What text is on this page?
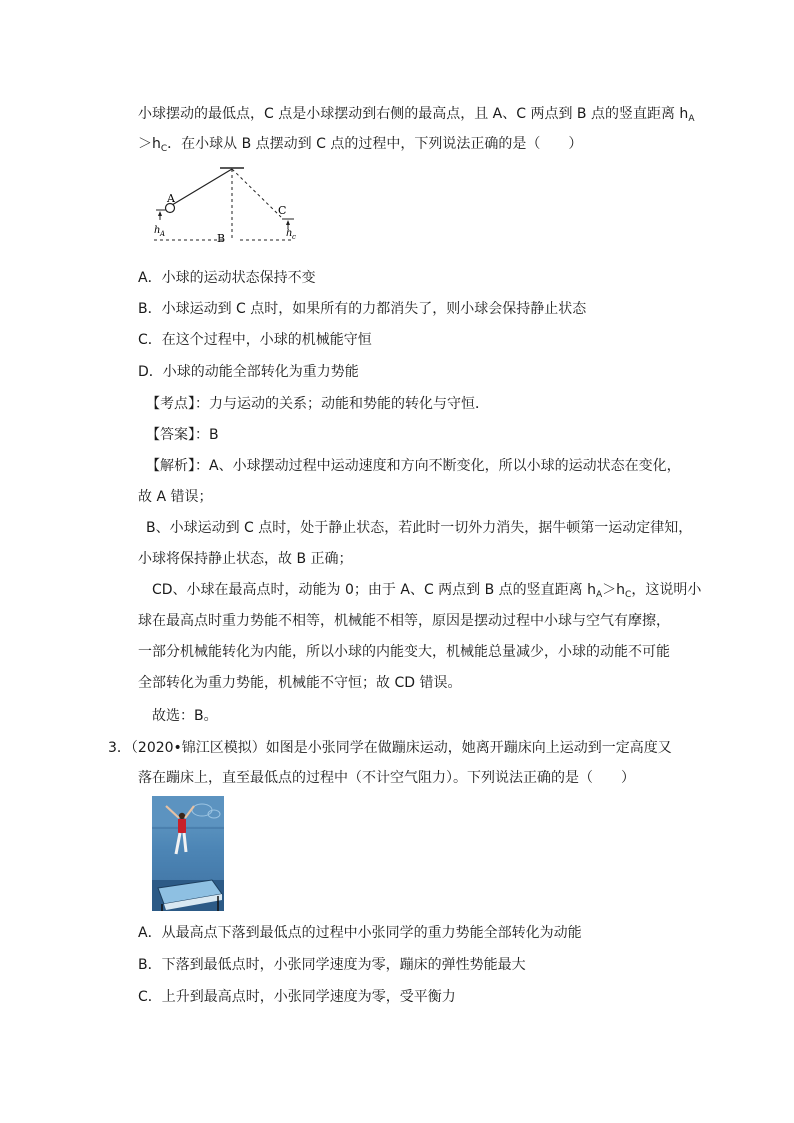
小球摆动的最低点，C 点是小球摆动到右侧的最高点，且 A、C 两点到 B 点的竖直距离 $h_A$
$>h_C$．在小球从 B 点摆动到 C 点的过程中，下列说法正确的是（　　）
A
B
C
h A	h c
A．小球的运动状态保持不变
B．小球运动到 C 点时，如果所有的力都消失了，则小球会保持静止状态
C．在这个过程中，小球的机械能守恒
D．小球的动能全部转化为重力势能
【考点】：力与运动的关系；动能和势能的转化与守恒．
【答案】：B
【解析】：A、小球摆动过程中运动速度和方向不断变化，所以小球的运动状态在变化，
故 A 错误；
B、小球运动到 C 点时，处于静止状态，若此时一切外力消失，据牛顿第一运动定律知，
小球将保持静止状态，故 B 正确；
CD、小球在最高点时，动能为 0；由于 A、C 两点到 B 点的竖直距离 $h_A>h_C$，这说明小
球在最高点时重力势能不相等，机械能不相等，原因是摆动过程中小球与空气有摩擦，
一部分机械能转化为内能，所以小球的内能变大，机械能总量减少，小球的动能不可能
全部转化为重力势能，机械能不守恒；故 CD 错误。
故选：B。
3．（2020•锦江区模拟）如图是小张同学在做蹦床运动，她离开蹦床向上运动到一定高度又
落在蹦床上，直至最低点的过程中（不计空气阻力）。下列说法正确的是（　　）
A．从最高点下落到最低点的过程中小张同学的重力势能全部转化为动能
B．下落到最低点时，小张同学速度为零，蹦床的弹性势能最大
C．上升到最高点时，小张同学速度为零，受平衡力
